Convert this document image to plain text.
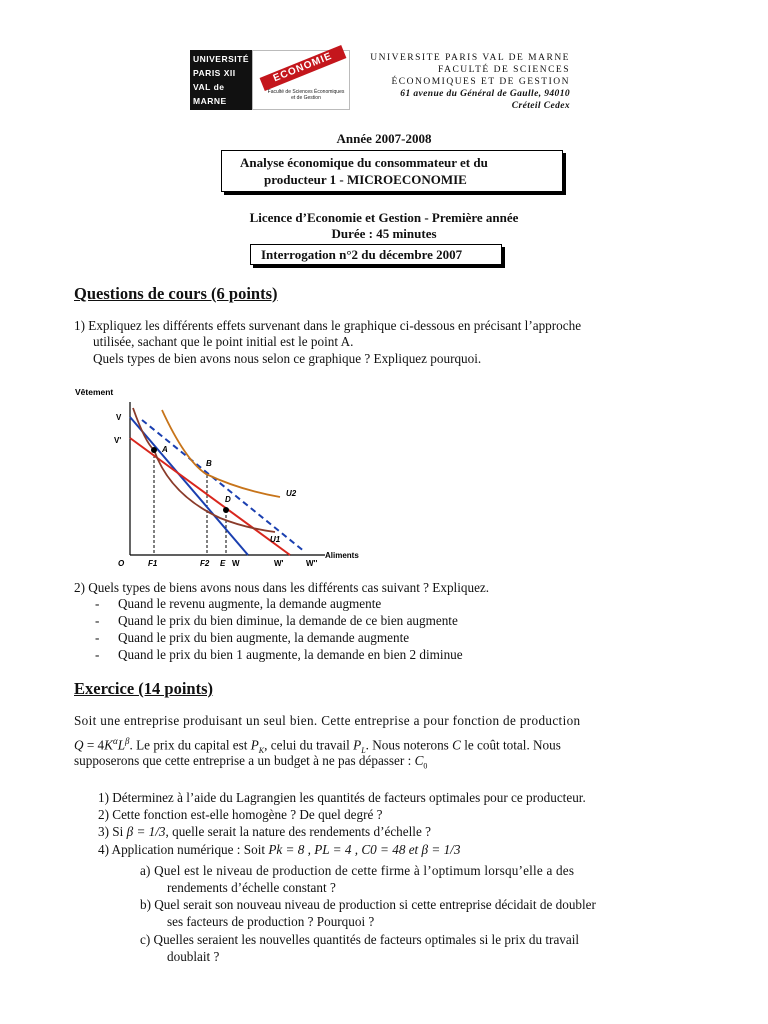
UNIVERSITÉ
PARIS XII
VAL de
MARNE
ECONOMIE
Faculté de Sciences Économiques et de Gestion
UNIVERSITE PARIS VAL DE MARNE
FACULTÉ DE SCIENCES
ÉCONOMIQUES ET DE GESTION
61 avenue du Général de Gaulle, 94010
Créteil Cedex
Année 2007-2008
Analyse économique du consommateur et du
producteur 1 - MICROECONOMIE
Licence d’Economie et Gestion - Première année
Durée : 45 minutes
Interrogation n°2 du décembre 2007
Questions de cours (6 points)
1) Expliquez les différents effets survenant dans le graphique ci-dessous en précisant l’approche
utilisée, sachant que le point initial est le point A.
Quels types de bien avons nous selon ce graphique ? Expliquez pourquoi.
Vêtement
Aliments
V
V'
O	F1	F2 E W	W'	W''
A
B
D
U2
U1
2) Quels types de biens avons nous dans les différents cas suivant ? Expliquez.
- Quand le revenu augmente, la demande augmente
- Quand le prix du bien diminue, la demande de ce bien augmente
- Quand le prix du bien augmente, la demande augmente
- Quand le prix du bien 1 augmente, la demande en bien 2 diminue
Exercice (14 points)
Soit une entreprise produisant un seul bien. Cette entreprise a pour fonction de production
$Q = 4K^\alpha L^\beta$. Le prix du capital est $P_K$, celui du travail $P_L$. Nous noterons C le coût total. Nous
supposerons que cette entreprise a un budget à ne pas dépasser : $C_0$
1) Déterminez à l’aide du Lagrangien les quantités de facteurs optimales pour ce producteur.
2) Cette fonction est-elle homogène ? De quel degré ?
3) Si β = 1/3, quelle serait la nature des rendements d’échelle ?
4) Application numérique : Soit Pk = 8 , PL = 4 , C0 = 48 et β = 1/3
a) Quel est le niveau de production de cette firme à l’optimum lorsqu’elle a des
rendements d’échelle constant ?
b) Quel serait son nouveau niveau de production si cette entreprise décidait de doubler
ses facteurs de production ? Pourquoi ?
c) Quelles seraient les nouvelles quantités de facteurs optimales si le prix du travail
doublait ?
